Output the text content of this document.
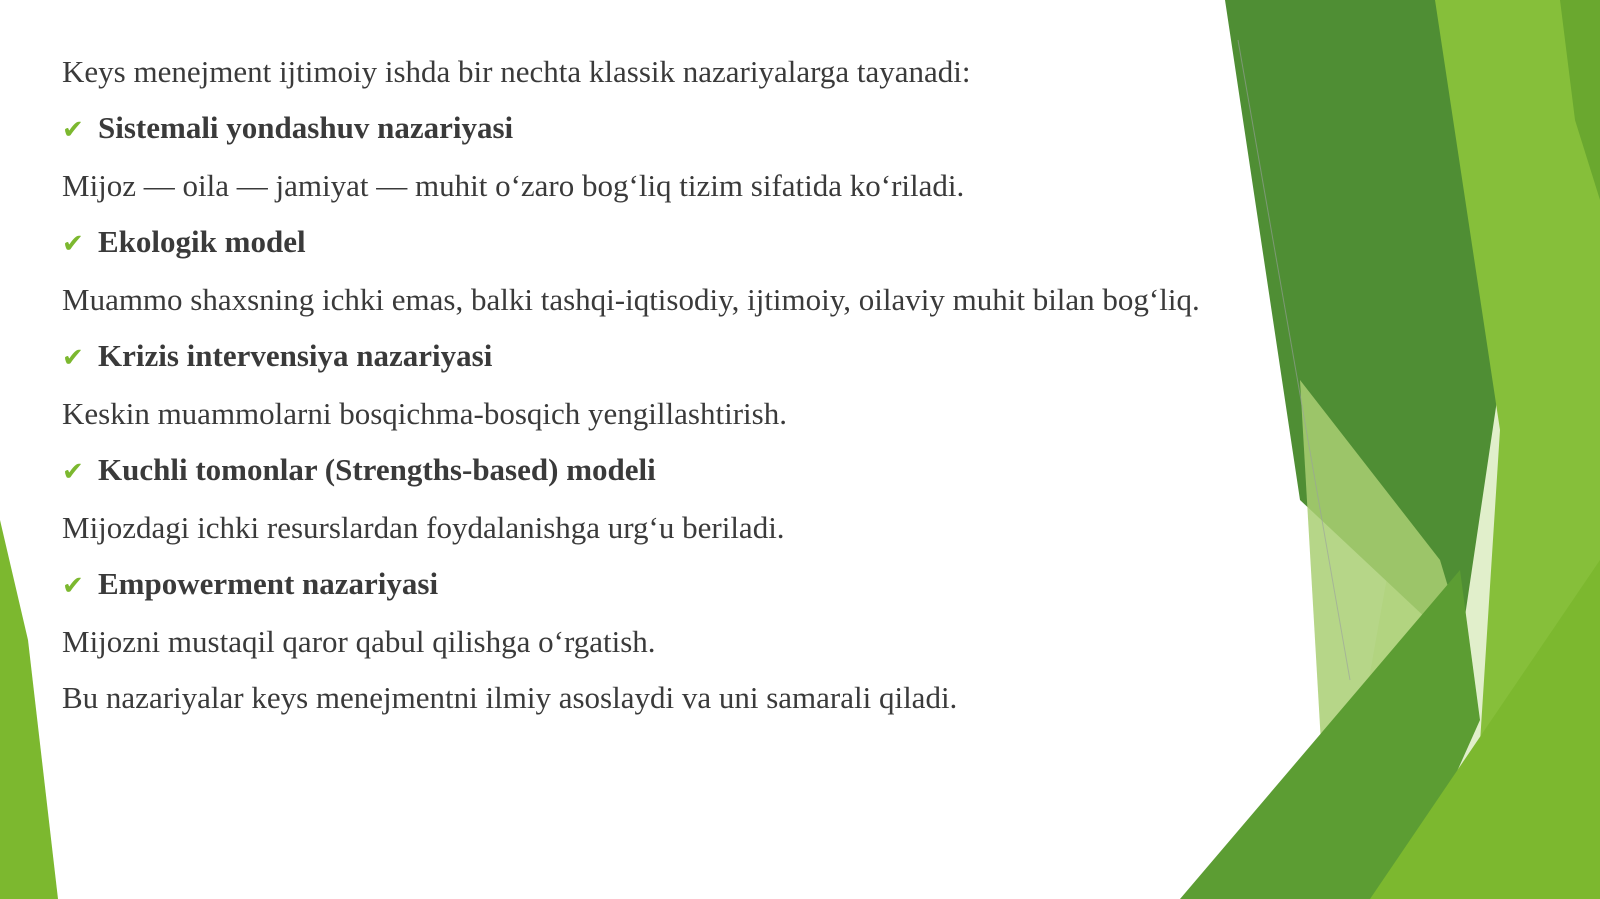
Keys menejment ijtimoiy ishda bir nechta klassik nazariyalarga tayanadi:

✔ Sistemali yondashuv nazariyasi

Mijoz — oila — jamiyat — muhit o‘zaro bog‘liq tizim sifatida ko‘riladi.

✔ Ekologik model

Muammo shaxsning ichki emas, balki tashqi-iqtisodiy, ijtimoiy, oilaviy muhit bilan bog‘liq.

✔ Krizis intervensiya nazariyasi

Keskin muammolarni bosqichma-bosqich yengillashtirish.

✔ Kuchli tomonlar (Strengths-based) modeli

Mijozdagi ichki resurslardan foydalanishga urg‘u beriladi.

✔ Empowerment nazariyasi

Mijozni mustaqil qaror qabul qilishga o‘rgatish.

Bu nazariyalar keys menejmentni ilmiy asoslaydi va uni samarali qiladi.
